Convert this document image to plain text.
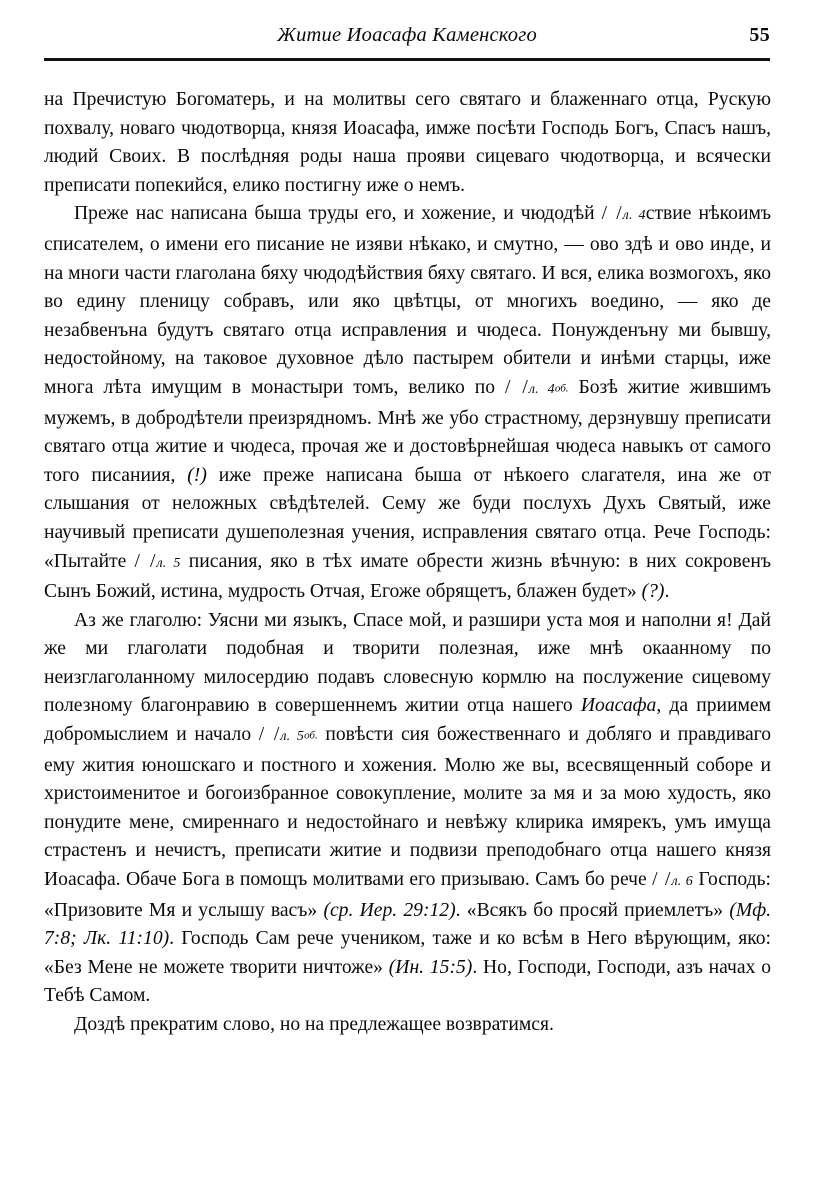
Житие Иоасафа Каменского	55

на Пречистую Богоматерь, и на молитвы сего святаго и блаженнаго отца, Рускую похвалу, новаго чюдотворца, князя Иоасафа, имже посѣти Господь Богъ, Спасъ нашъ, людий Своих. В послѣдняя роды наша прояви сицеваго чюдотворца, и всячески преписати попекийся, елико постигну иже о немъ.

Преже нас написана быша труды его, и хожение, и чюдодѣй / /л. 4ствие нѣкоимъ списателем, о имени его писание не изяви нѣкако, и смутно, — ово здѣ и ово инде, и на многи части глаголана бяху чюдодѣйствия бяху святаго. И вся, елика возмогохъ, яко во едину пленицу собравъ, или яко цвѣтцы, от многихъ воедино, — яко де незабвенъна будутъ святаго отца исправления и чюдеса. Понужденъну ми бывшу, недостойному, на таковое духовное дѣло пастырем обители и инѣми старцы, иже многа лѣта имущим в монастыри томъ, велико по / /л. 4об. Бозѣ житие жившимъ мужемъ, в добродѣтели преизрядномъ. Мнѣ же убо страстному, дерзнувшу преписати святаго отца житие и чюдеса, прочая же и достовѣрнейшая чюдеса навыкъ от самого того писаниия, (!) иже преже написана быша от нѣкоего слагателя, ина же от слышания от неложных свѣдѣтелей. Сему же буди послухъ Духъ Святый, иже научивый преписати душеполезная учения, исправления святаго отца. Рече Господь: «Пытайте / /л. 5 писания, яко в тѣх имате обрести жизнь вѣчную: в них сокровенъ Сынъ Божий, истина, мудрость Отчая, Егоже обрящетъ, блажен будет» (?).

Аз же глаголю: Уясни ми языкъ, Спасе мой, и разшири уста моя и наполни я! Дай же ми глаголати подобная и творити полезная, иже мнѣ окаанному по неизглаголанному милосердию подавъ словесную кормлю на послужение сицевому полезному благонравию в совершеннемъ житии отца нашего Иоасафа, да приимем добромыслием и начало / /л. 5об. повѣсти сия божественнаго и добляго и правдиваго ему жития юношскаго и постного и хожения. Молю же вы, всесвященный соборе и христоименитое и богоизбранное совокупление, молите за мя и за мою худость, яко понудите мене, смиреннаго и недостойнаго и невѣжу клирика имярекъ, умъ имуща страстенъ и нечистъ, преписати житие и подвизи преподобнаго отца нашего князя Иоасафа. Обаче Бога в помощъ молитвами его призываю. Самъ бо рече / /л. 6 Господь: «Призовите Мя и услышу васъ» (ср. Иер. 29:12). «Всякъ бо просяй приемлетъ» (Мф. 7:8; Лк. 11:10). Господь Сам рече учеником, таже и ко всѣм в Него вѣрующим, яко: «Без Мене не можете творити ничтоже» (Ин. 15:5). Но, Господи, Господи, азъ начах о Тебѣ Самом.

Доздѣ прекратим слово, но на предлежащее возвратимся.
